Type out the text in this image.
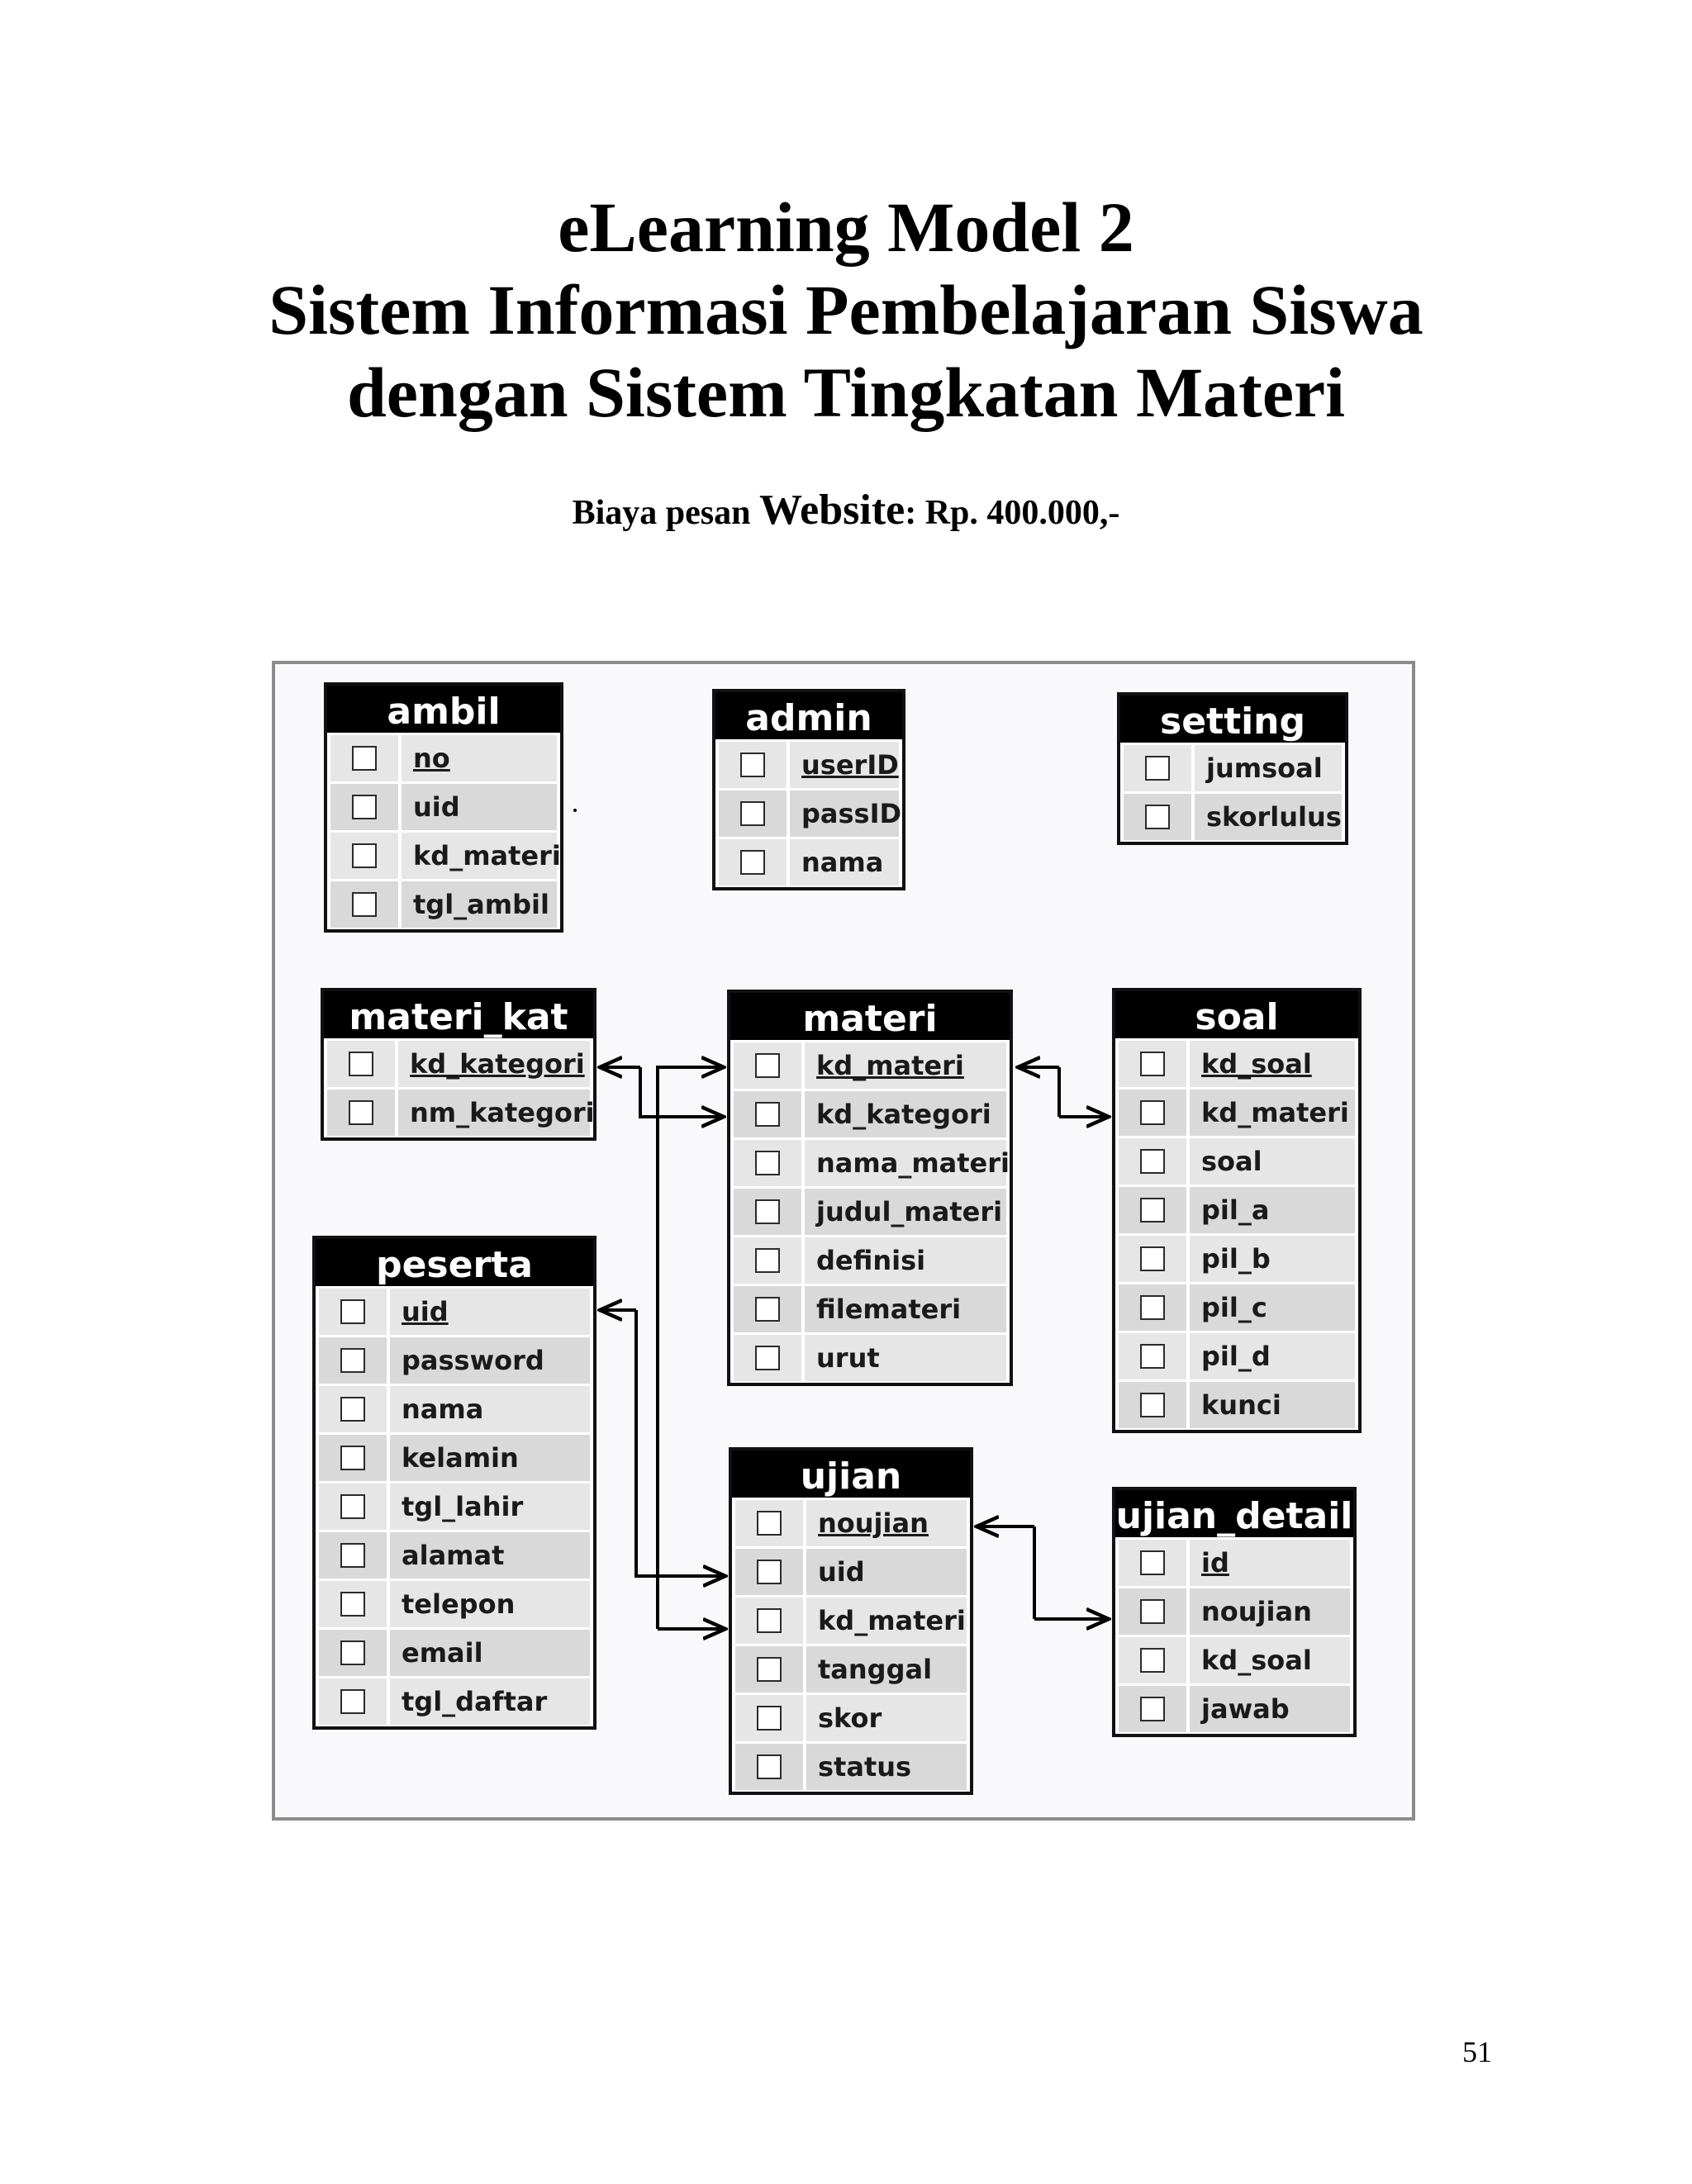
eLearning Model 2
Sistem Informasi Pembelajaran Siswa
dengan Sistem Tingkatan Materi
Biaya pesan Website: Rp. 400.000,-
ambil
no
uid
kd_materi
tgl_ambil
admin
userID
passID
nama
setting
jumsoal
skorlulus
materi_kat
kd_kategori
nm_kategori
materi
kd_materi
kd_kategori
nama_materi
judul_materi
definisi
filemateri
urut
soal
kd_soal
kd_materi
soal
pil_a
pil_b
pil_c
pil_d
kunci
peserta
uid
password
nama
kelamin
tgl_lahir
alamat
telepon
email
tgl_daftar
ujian
noujian
uid
kd_materi
tanggal
skor
status
ujian_detail
id
noujian
kd_soal
jawab
51
